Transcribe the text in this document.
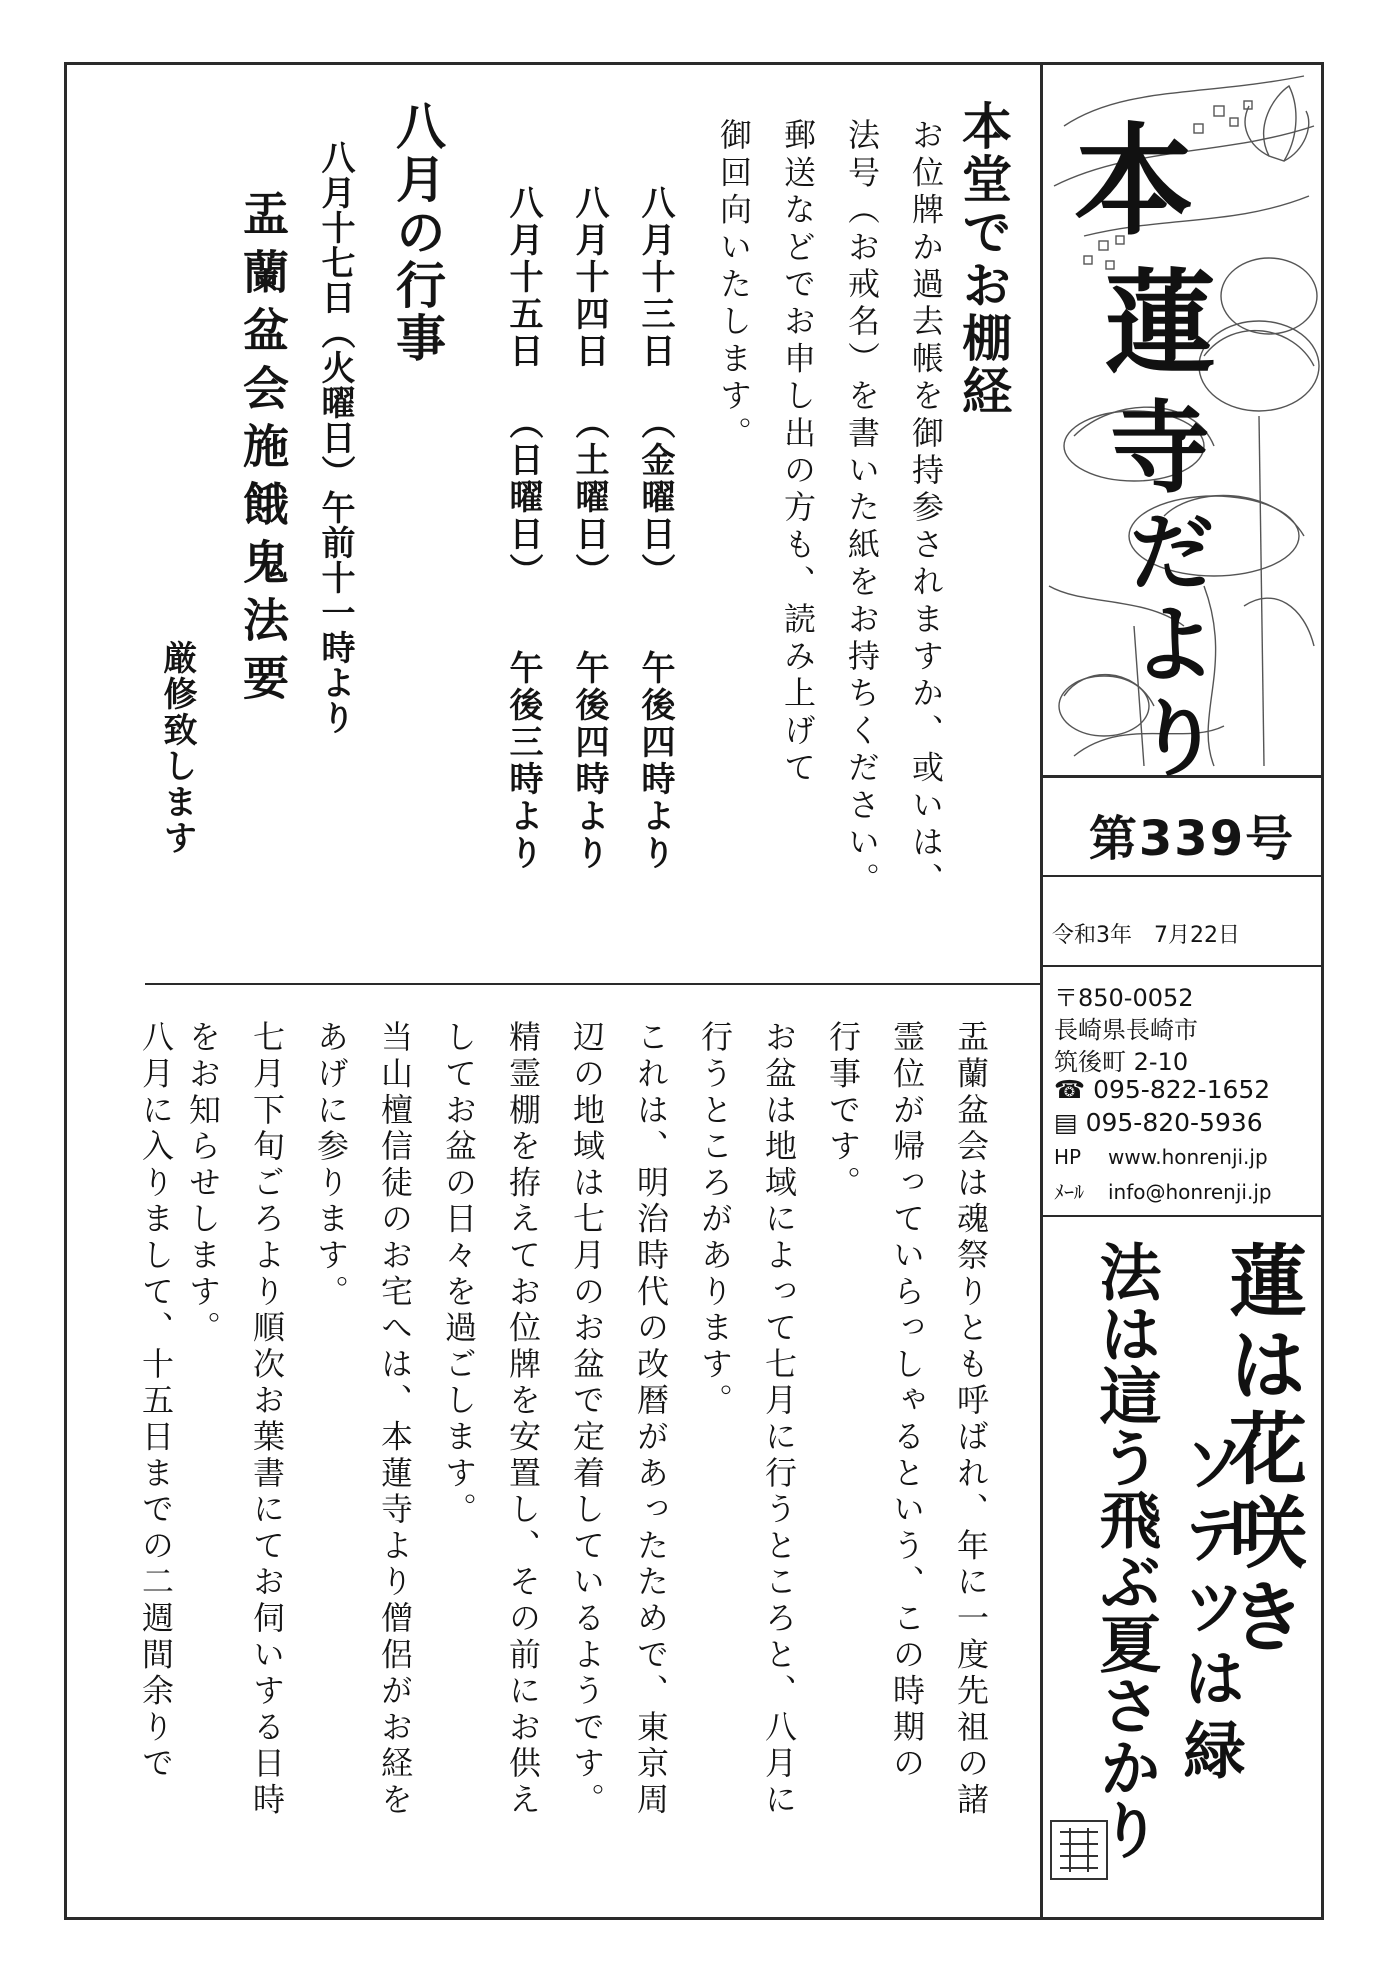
本
蓮
寺
だ
よ
り
第339号
令和3年　7月22日
〒850-0052
長崎県長崎市
筑後町 2-10
☎ 095-822-1652
▤ 095-820-5936
HP www.honrenji.jp
ﾒｰﾙ info@honrenji.jp
蓮は花咲き
ソテツは緑
法は這う飛ぶ夏さかり
本堂でお棚経
お位牌か過去帳を御持参されますか、或いは、
法号（お戒名）を書いた紙をお持ちください。
郵送などでお申し出の方も、読み上げて
御回向いたします。
八月十三日
（金曜日）
午後四時より
八月十四日
（土曜日）
午後四時より
八月十五日
（日曜日）
午後三時より
八月の行事
八月十七日（火曜日）午前十一時より
盂蘭盆会施餓鬼法要
厳修致します
盂蘭盆会は魂祭りとも呼ばれ、年に一度先祖の諸
霊位が帰っていらっしゃるという、この時期の
行事です。
お盆は地域によって七月に行うところと、八月に
行うところがあります。
これは、明治時代の改暦があったためで、東京周
辺の地域は七月のお盆で定着しているようです。
精霊棚を拵えてお位牌を安置し、その前にお供え
してお盆の日々を過ごします。
当山檀信徒のお宅へは、本蓮寺より僧侶がお経を
あげに参ります。
七月下旬ごろより順次お葉書にてお伺いする日時
をお知らせします。
八月に入りまして、十五日までの二週間余りで
